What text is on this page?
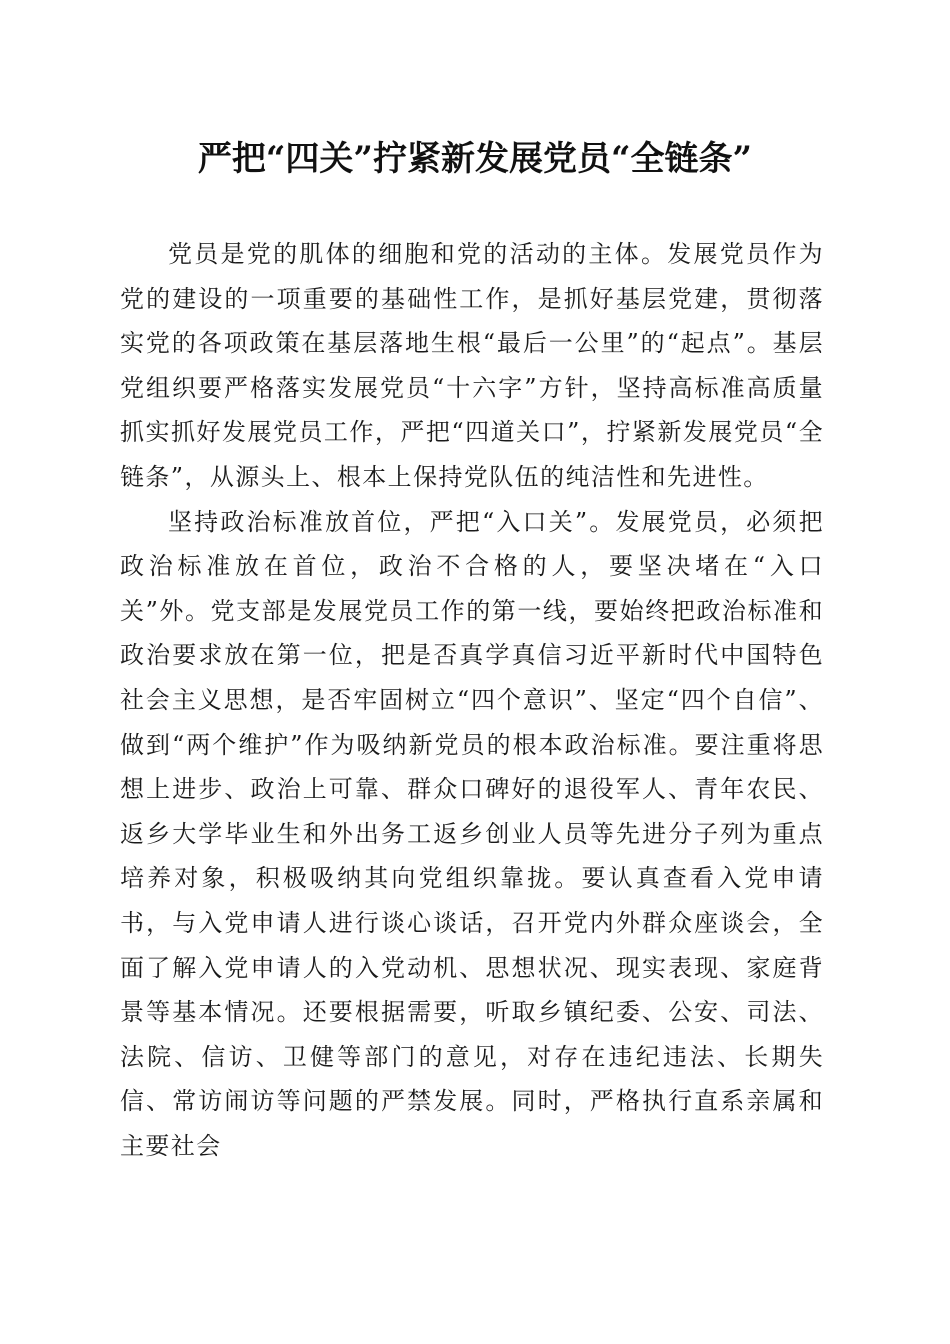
严把“四关”拧紧新发展党员“全链条”

党员是党的肌体的细胞和党的活动的主体。发展党员作为党的建设的一项重要的基础性工作，是抓好基层党建，贯彻落实党的各项政策在基层落地生根“最后一公里”的“起点”。基层党组织要严格落实发展党员“十六字”方针，坚持高标准高质量抓实抓好发展党员工作，严把“四道关口”，拧紧新发展党员“全链条”，从源头上、根本上保持党队伍的纯洁性和先进性。

坚持政治标准放首位，严把“入口关”。发展党员，必须把政治标准放在首位，政治不合格的人，要坚决堵在“入口关”外。党支部是发展党员工作的第一线，要始终把政治标准和政治要求放在第一位，把是否真学真信习近平新时代中国特色社会主义思想，是否牢固树立“四个意识”、坚定“四个自信”、做到“两个维护”作为吸纳新党员的根本政治标准。要注重将思想上进步、政治上可靠、群众口碑好的退役军人、青年农民、返乡大学毕业生和外出务工返乡创业人员等先进分子列为重点培养对象，积极吸纳其向党组织靠拢。要认真查看入党申请书，与入党申请人进行谈心谈话，召开党内外群众座谈会，全面了解入党申请人的入党动机、思想状况、现实表现、家庭背景等基本情况。还要根据需要，听取乡镇纪委、公安、司法、法院、信访、卫健等部门的意见，对存在违纪违法、长期失信、常访闹访等问题的严禁发展。同时，严格执行直系亲属和主要社会
